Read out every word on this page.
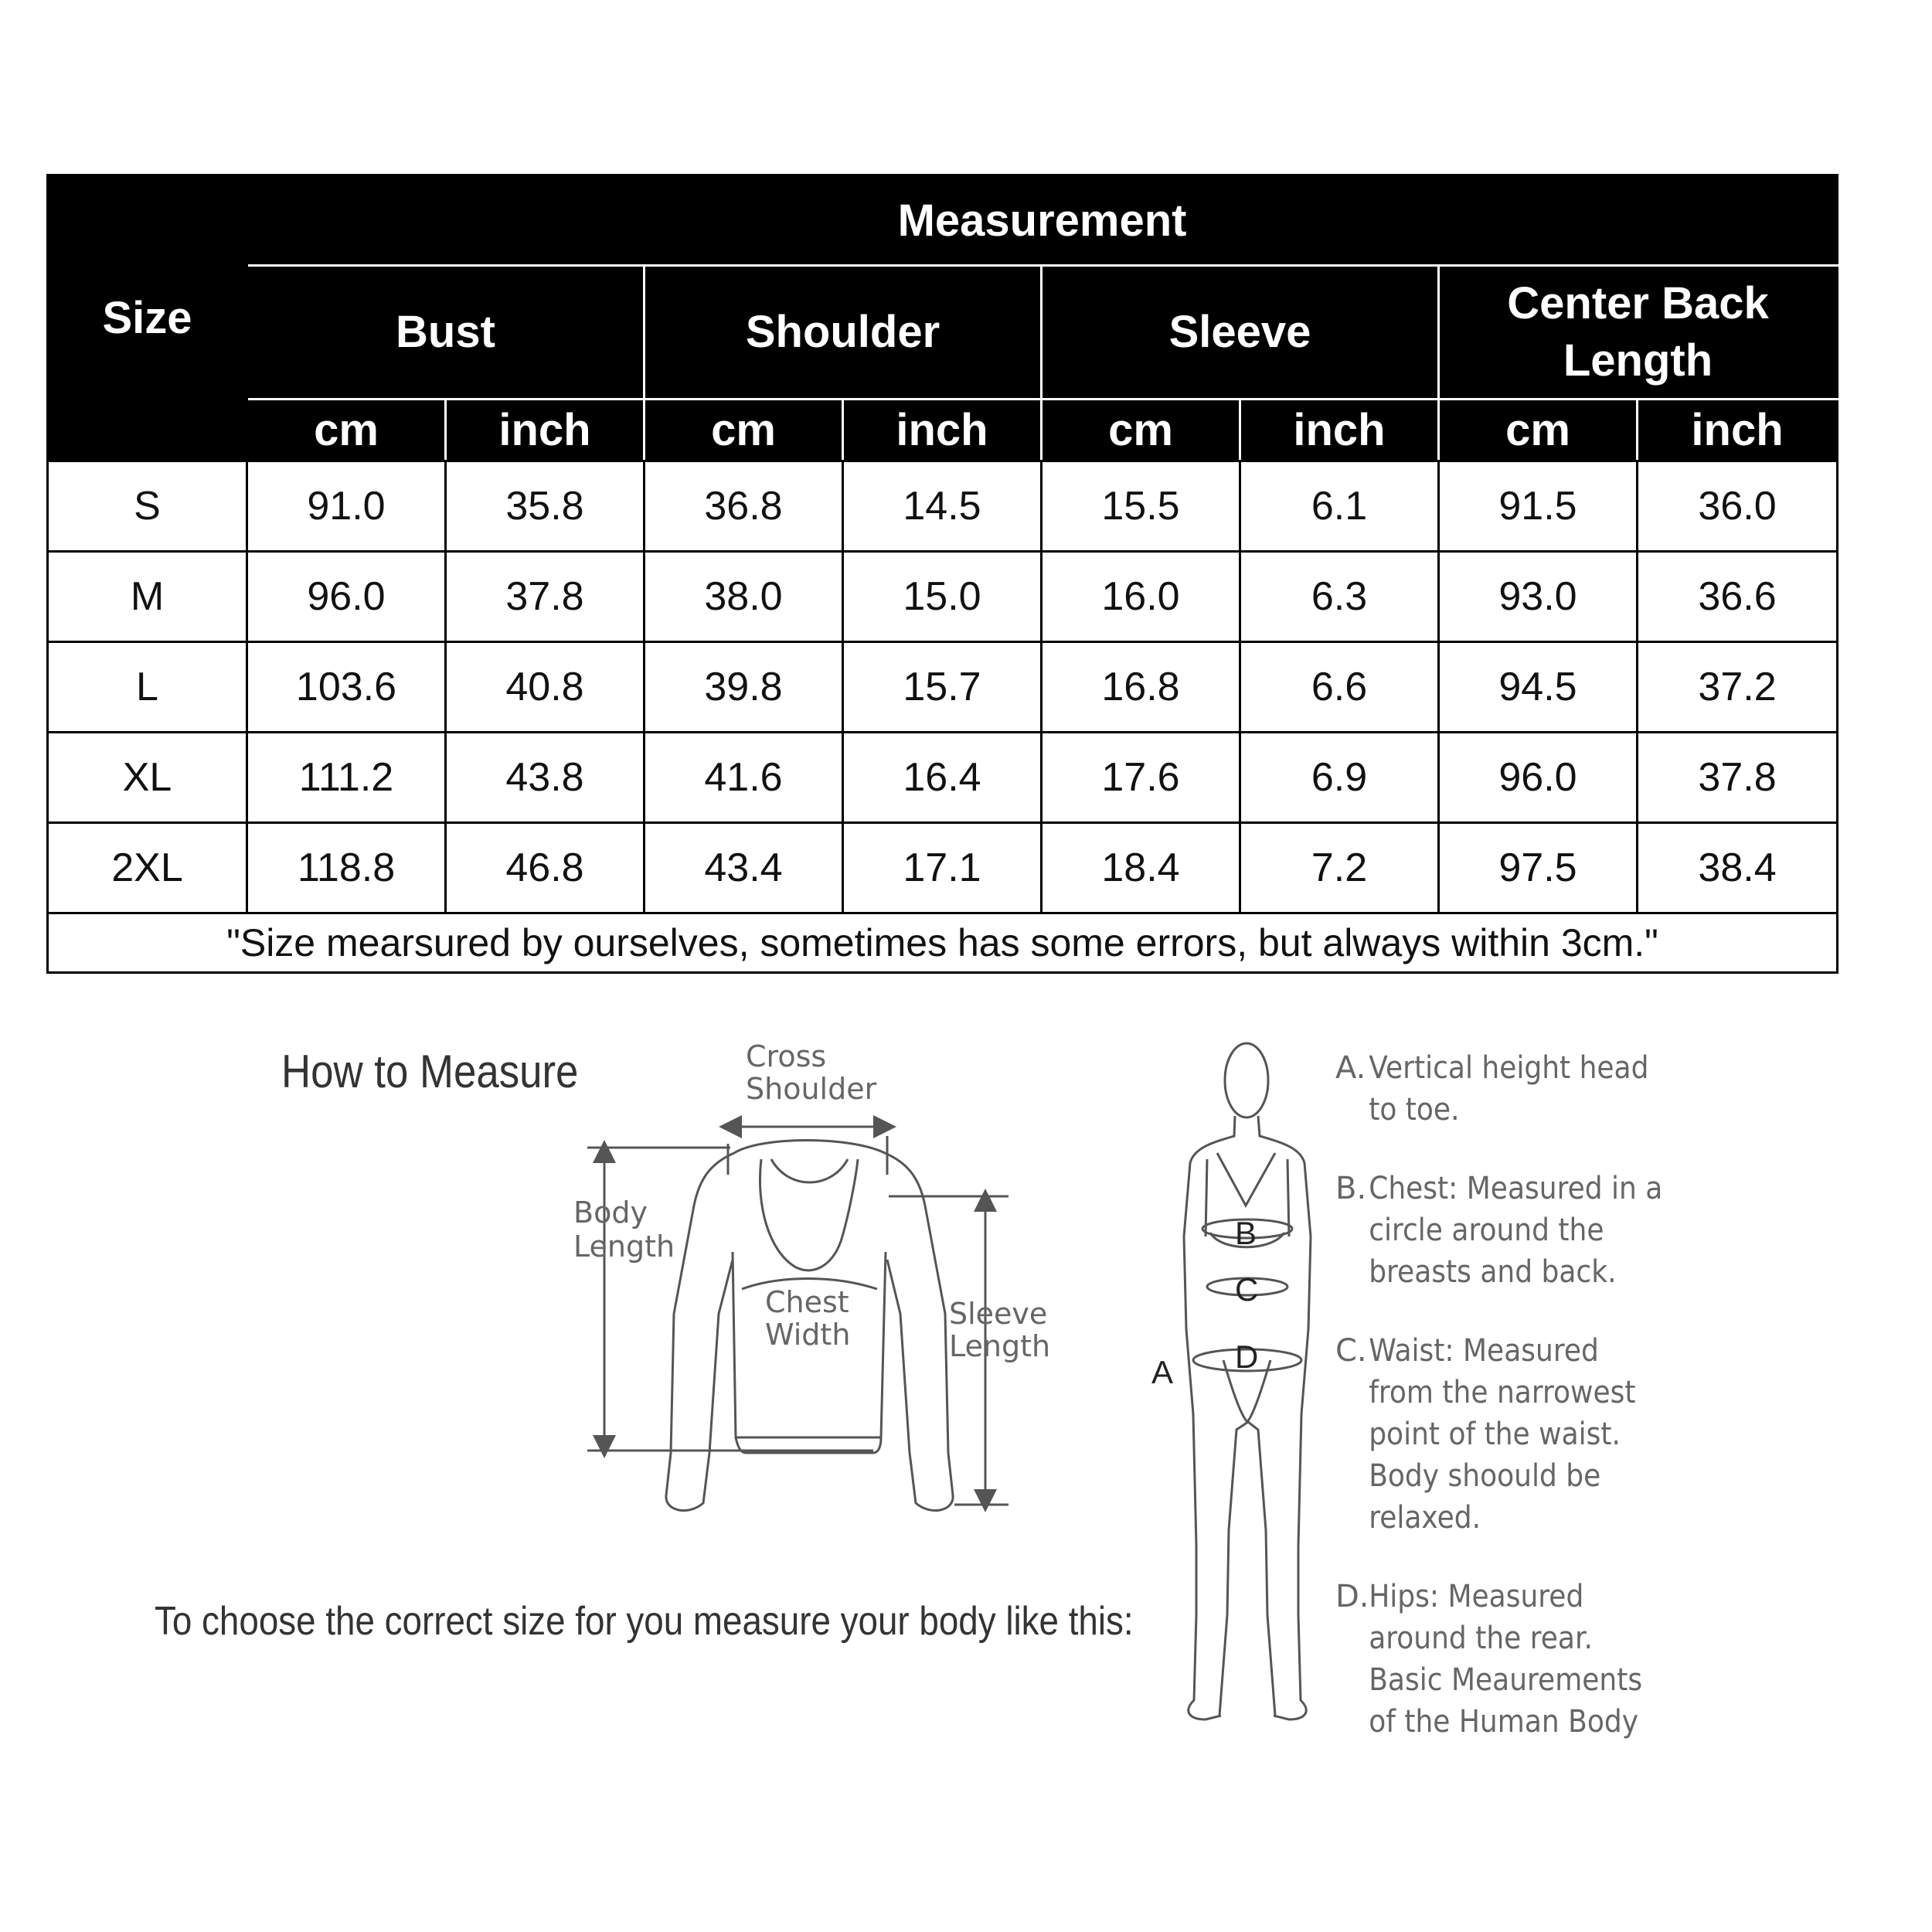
Size	Measurement							
	Bust		Shoulder		Sleeve		Center Back Length	
	cm	inch	cm	inch	cm	inch	cm	inch
S	91.0	35.8	36.8	14.5	15.5	6.1	91.5	36.0
M	96.0	37.8	38.0	15.0	16.0	6.3	93.0	36.6
L	103.6	40.8	39.8	15.7	16.8	6.6	94.5	37.2
XL	111.2	43.8	41.6	16.4	17.6	6.9	96.0	37.8
2XL	118.8	46.8	43.4	17.1	18.4	7.2	97.5	38.4
"Size mearsured by ourselves, sometimes has some errors, but always within 3cm."								
How to Measure
To choose the correct size for you measure your body like this:
Cross
Shoulder
Body
Length
Chest
Width
Sleeve
Length
B
C
D
A
A. Vertical height head to toe.
B. Chest: Measured in a circle around the breasts and back.
C. Waist: Measured from the narrowest point of the waist. Body shoould be relaxed.
D. Hips: Measured around the rear. Basic Meaurements of the Human Body
